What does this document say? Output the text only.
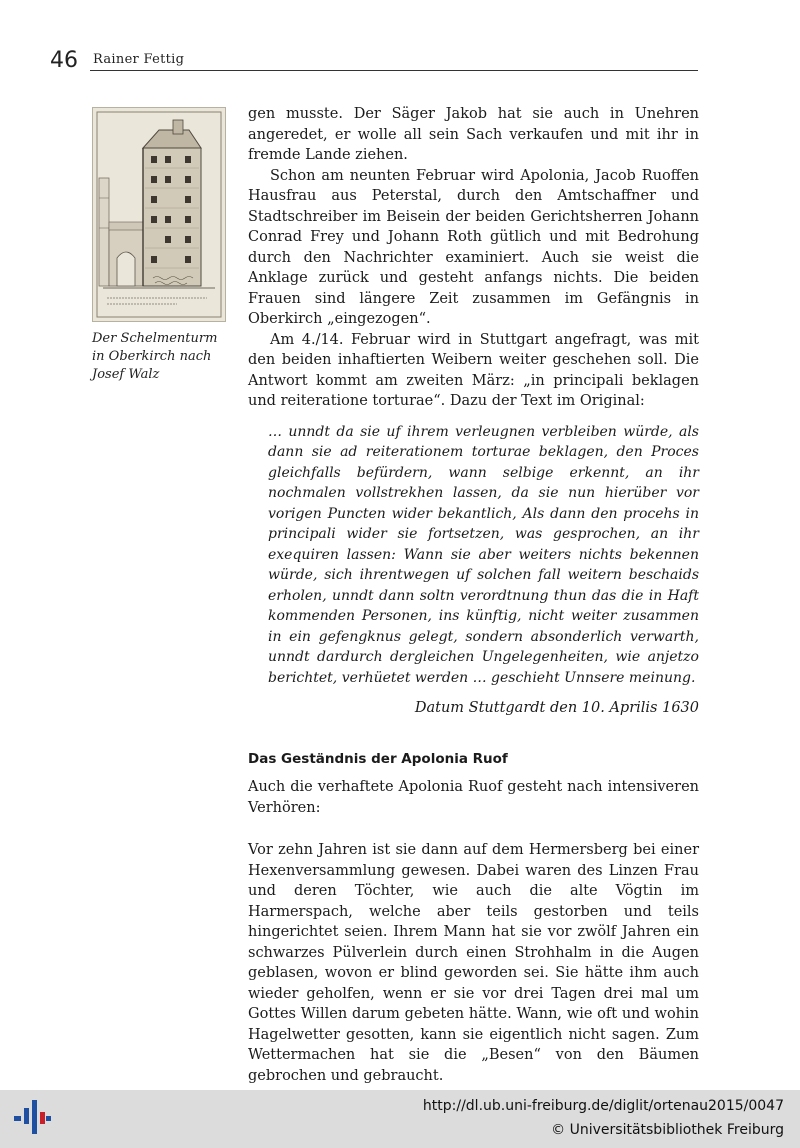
46 Rainer Fettig
Der Schelmenturm in Oberkirch nach Josef Walz

gen musste. Der Säger Jakob hat sie auch in Unehren angeredet, er wolle all sein Sach verkaufen und mit ihr in fremde Lande ziehen.

Schon am neunten Februar wird Apolonia, Jacob Ruoffen Hausfrau aus Peterstal, durch den Amtschaffner und Stadtschreiber im Beisein der beiden Gerichtsherren Johann Conrad Frey und Johann Roth gütlich und mit Bedrohung durch den Nachrichter examiniert. Auch sie weist die Anklage zurück und gesteht anfangs nichts. Die beiden Frauen sind längere Zeit zusammen im Gefängnis in Oberkirch „eingezogen“.

Am 4./14. Februar wird in Stuttgart angefragt, was mit den beiden inhaftierten Weibern weiter geschehen soll. Die Antwort kommt am zweiten März: „in principali beklagen und reiteratione torturae“. Dazu der Text im Original:

… unndt da sie uf ihrem verleugnen verbleiben würde, als dann sie ad reiterationem torturae beklagen, den Proces gleichfalls befürdern, wann selbige erkennt, an ihr nochmalen vollstrekhen lassen, da sie nun hierüber vor vorigen Puncten wider bekantlich, Als dann den procehs in principali wider sie fortsetzen, was gesprochen, an ihr exequiren lassen: Wann sie aber weiters nichts bekennen würde, sich ihrentwegen uf solchen fall weitern beschaids erholen, unndt dann soltn verordtnung thun das die in Haft kommenden Personen, ins künftig, nicht weiter zusammen in ein gefengknus gelegt, sondern absonderlich verwarth, unndt dardurch dergleichen Ungelegenheiten, wie anjetzo berichtet, verhüetet werden … geschieht Unnsere meinung.

Datum Stuttgardt den 10. Aprilis 1630

Das Geständnis der Apolonia Ruof

Auch die verhaftete Apolonia Ruof gesteht nach intensiveren Verhören:

Vor zehn Jahren ist sie dann auf dem Hermersberg bei einer Hexenversammlung gewesen. Dabei waren des Linzen Frau und deren Töchter, wie auch die alte Vögtin im Harmerspach, welche aber teils gestorben und teils hingerichtet seien. Ihrem Mann hat sie vor zwölf Jahren ein schwarzes Pülverlein durch einen Strohhalm in die Augen geblasen, wovon er blind geworden sei. Sie hätte ihm auch wieder geholfen, wenn er sie vor drei Tagen drei mal um Gottes Willen darum gebeten hätte. Wann, wie oft und wohin Hagelwetter gesotten, kann sie eigentlich nicht sagen. Zum Wettermachen hat sie die „Besen“ von den Bäumen gebrochen und gebraucht.

http://dl.ub.uni-freiburg.de/diglit/ortenau2015/0047
© Universitätsbibliothek Freiburg
